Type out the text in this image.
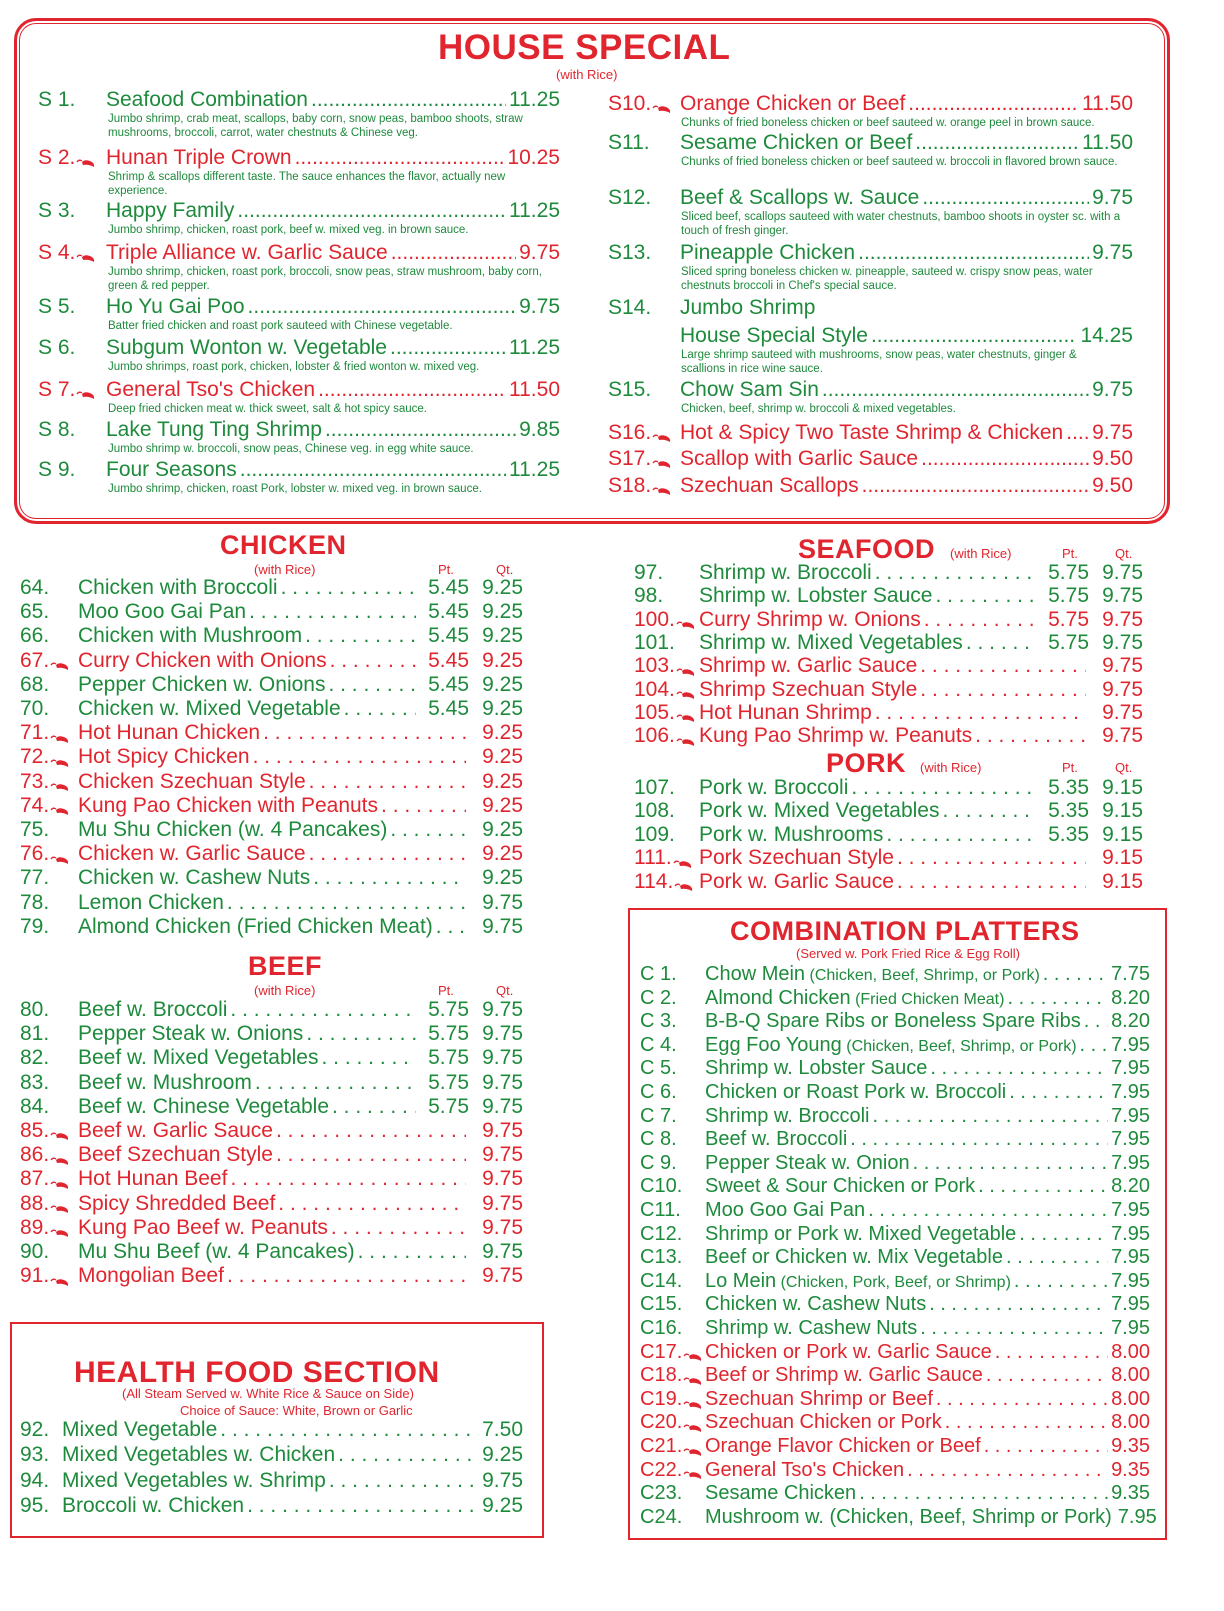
HOUSE SPECIAL
(with Rice)
CHICKEN
(with Rice)	Pt.	Qt.
BEEF
(with Rice)	Pt.	Qt.
HEALTH FOOD SECTION
(All Steam Served w. White Rice & Sauce on Side)
Choice of Sauce: White, Brown or Garlic
SEAFOOD (with Rice)	Pt.	Qt.
PORK (with Rice)	Pt.	Qt.
COMBINATION PLATTERS
(Served w. Pork Fried Rice & Egg Roll)
S 1.	Seafood Combination .....	11.25
Jumbo shrimp, crab meat, scallops, baby corn, snow peas, bamboo shoots, straw mushrooms, broccoli, carrot, water chestnuts & Chinese veg.
S 2.	Hunan Triple Crown .....	10.25
Shrimp & scallops different taste. The sauce enhances the flavor, actually new experience.
S 3.	Happy Family .....	11.25
Jumbo shrimp, chicken, roast pork, beef w. mixed veg. in brown sauce.
S 4.	Triple Alliance w. Garlic Sauce .....	9.75
Jumbo shrimp, chicken, roast pork, broccoli, snow peas, straw mushroom, baby corn, green & red pepper.
S 5.	Ho Yu Gai Poo .....	9.75
Batter fried chicken and roast pork sauteed with Chinese vegetable.
S 6.	Subgum Wonton w. Vegetable .....	11.25
Jumbo shrimps, roast pork, chicken, lobster & fried wonton w. mixed veg.
S 7.	General Tso's Chicken .....	11.50
Deep fried chicken meat w. thick sweet, salt & hot spicy sauce.
S 8.	Lake Tung Ting Shrimp .....	9.85
Jumbo shrimp w. broccoli, snow peas, Chinese veg. in egg white sauce.
S 9.	Four Seasons .....	11.25
Jumbo shrimp, chicken, roast Pork, lobster w. mixed veg. in brown sauce.
S10.	Orange Chicken or Beef .....	11.50
Chunks of fried boneless chicken or beef sauteed w. orange peel in brown sauce.
S11.	Sesame Chicken or Beef .....	11.50
Chunks of fried boneless chicken or beef sauteed w. broccoli in flavored brown sauce.
S12.	Beef & Scallops w. Sauce .....	9.75
Sliced beef, scallops sauteed with water chestnuts, bamboo shoots in oyster sc. with a touch of fresh ginger.
S13.	Pineapple Chicken .....	9.75
Sliced spring boneless chicken w. pineapple, sauteed w. crispy snow peas, water chestnuts broccoli in Chef's special sauce.
S14.	Jumbo Shrimp
House Special Style .....	14.25
Large shrimp sauteed with mushrooms, snow peas, water chestnuts, ginger & scallions in rice wine sauce.
S15.	Chow Sam Sin .....	9.75
Chicken, beef, shrimp w. broccoli & mixed vegetables.
S16.	Hot & Spicy Two Taste Shrimp & Chicken ..... 9.75
S17.	Scallop with Garlic Sauce .....	9.50
S18.	Szechuan Scallops .....	9.50
64.	Chicken with Broccoli . . .	5.45 9.25
65.	Moo Goo Gai Pan . . .	5.45 9.25
66.	Chicken with Mushroom . . .	5.45 9.25
67.	Curry Chicken with Onions . . .	5.45 9.25
68.	Pepper Chicken w. Onions . . .	5.45 9.25
70.	Chicken w. Mixed Vegetable . . .	5.45 9.25
71.	Hot Hunan Chicken . . .	9.25
72.	Hot Spicy Chicken . . .	9.25
73.	Chicken Szechuan Style . . .	9.25
74.	Kung Pao Chicken with Peanuts . . .	9.25
75.	Mu Shu Chicken (w. 4 Pancakes) . . .	9.25
76.	Chicken w. Garlic Sauce . . .	9.25
77.	Chicken w. Cashew Nuts . . .	9.25
78.	Lemon Chicken . . .	9.75
79.	Almond Chicken (Fried Chicken Meat) . . .	9.75
80.	Beef w. Broccoli . . .	5.75 9.75
81.	Pepper Steak w. Onions . . .	5.75 9.75
82.	Beef w. Mixed Vegetables . . .	5.75 9.75
83.	Beef w. Mushroom . . .	5.75 9.75
84.	Beef w. Chinese Vegetable . . .	5.75 9.75
85.	Beef w. Garlic Sauce . . .	9.75
86.	Beef Szechuan Style . . .	9.75
87.	Hot Hunan Beef . . .	9.75
88.	Spicy Shredded Beef . . .	9.75
89.	Kung Pao Beef w. Peanuts . . .	9.75
90.	Mu Shu Beef (w. 4 Pancakes) . . .	9.75
91.	Mongolian Beef . . .	9.75
92. Mixed Vegetable . . .	7.50
93. Mixed Vegetables w. Chicken . . .	9.25
94. Mixed Vegetables w. Shrimp . . .	9.75
95. Broccoli w. Chicken . . .	9.25
97.	Shrimp w. Broccoli . . .	5.75 9.75
98.	Shrimp w. Lobster Sauce . . .	5.75 9.75
100.	Curry Shrimp w. Onions . . .	5.75 9.75
101.	Shrimp w. Mixed Vegetables . . .	5.75 9.75
103.	Shrimp w. Garlic Sauce . . .	9.75
104.	Shrimp Szechuan Style . . .	9.75
105.	Hot Hunan Shrimp . . .	9.75
106.	Kung Pao Shrimp w. Peanuts . . .	9.75
107.	Pork w. Broccoli . . .	5.35 9.15
108.	Pork w. Mixed Vegetables . . .	5.35 9.15
109.	Pork w. Mushrooms . . .	5.35 9.15
111.	Pork Szechuan Style . . .	9.15
114.	Pork w. Garlic Sauce . . .	9.15
C 1.	Chow Mein (Chicken, Beef, Shrimp, or Pork) . . .	7.75
C 2.	Almond Chicken (Fried Chicken Meat) . . .	8.20
C 3.	B-B-Q Spare Ribs or Boneless Spare Ribs . . . 8.20
C 4.	Egg Foo Young (Chicken, Beef, Shrimp, or Pork) . . . 7.95
C 5.	Shrimp w. Lobster Sauce . . .	7.95
C 6.	Chicken or Roast Pork w. Broccoli . . .	7.95
C 7.	Shrimp w. Broccoli . . .	7.95
C 8.	Beef w. Broccoli . . .	7.95
C 9.	Pepper Steak w. Onion . . .	7.95
C10.	Sweet & Sour Chicken or Pork . . .	8.20
C11.	Moo Goo Gai Pan . . .	7.95
C12.	Shrimp or Pork w. Mixed Vegetable . . .	7.95
C13.	Beef or Chicken w. Mix Vegetable . . .	7.95
C14.	Lo Mein (Chicken, Pork, Beef, or Shrimp) . . .	7.95
C15.	Chicken w. Cashew Nuts . . .	7.95
C16.	Shrimp w. Cashew Nuts . . .	7.95
C17.	Chicken or Pork w. Garlic Sauce . . .	8.00
C18.	Beef or Shrimp w. Garlic Sauce . . .	8.00
C19.	Szechuan Shrimp or Beef . . .	8.00
C20.	Szechuan Chicken or Pork . . .	8.00
C21.	Orange Flavor Chicken or Beef . . .	9.35
C22.	General Tso's Chicken . . .	9.35
C23.	Sesame Chicken . . .	9.35
C24.	Mushroom w. (Chicken, Beef, Shrimp or Pork) 7.95
